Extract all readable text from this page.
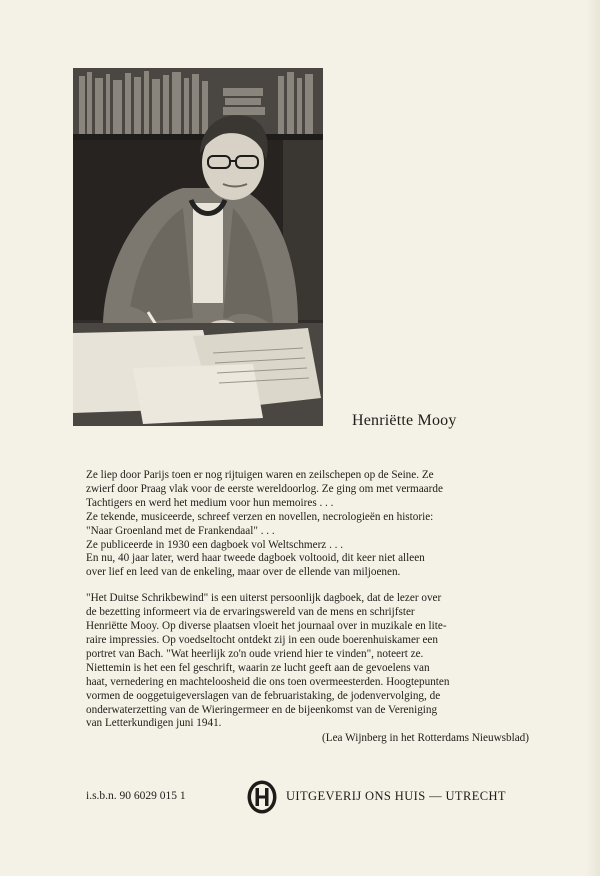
Henriëtte Mooy

Ze liep door Parijs toen er nog rijtuigen waren en zeilschepen op de Seine. Ze

zwierf door Praag vlak voor de eerste wereldoorlog. Ze ging om met vermaarde

Tachtigers en werd het medium voor hun memoires . . .

Ze tekende, musiceerde, schreef verzen en novellen, necrologieën en historie:

"Naar Groenland met de Frankendaal" . . .

Ze publiceerde in 1930 een dagboek vol Weltschmerz . . .

En nu, 40 jaar later, werd haar tweede dagboek voltooid, dit keer niet alleen

over lief en leed van de enkeling, maar over de ellende van miljoenen.

"Het Duitse Schrikbewind" is een uiterst persoonlijk dagboek, dat de lezer over

de bezetting informeert via de ervaringswereld van de mens en schrijfster

Henriëtte Mooy. Op diverse plaatsen vloeit het journaal over in muzikale en lite-

raire impressies. Op voedseltocht ontdekt zij in een oude boerenhuiskamer een

portret van Bach. "Wat heerlijk zo'n oude vriend hier te vinden", noteert ze.

Niettemin is het een fel geschrift, waarin ze lucht geeft aan de gevoelens van

haat, vernedering en machteloosheid die ons toen overmeesterden. Hoogtepunten

vormen de ooggetuigeverslagen van de februaristaking, de jodenvervolging, de

onderwaterzetting van de Wieringermeer en de bijeenkomst van de Vereniging

van Letterkundigen juni 1941.

(Lea Wijnberg in het Rotterdams Nieuwsblad)
i.s.b.n. 90 6029 015 1	UITGEVERIJ ONS HUIS — UTRECHT
